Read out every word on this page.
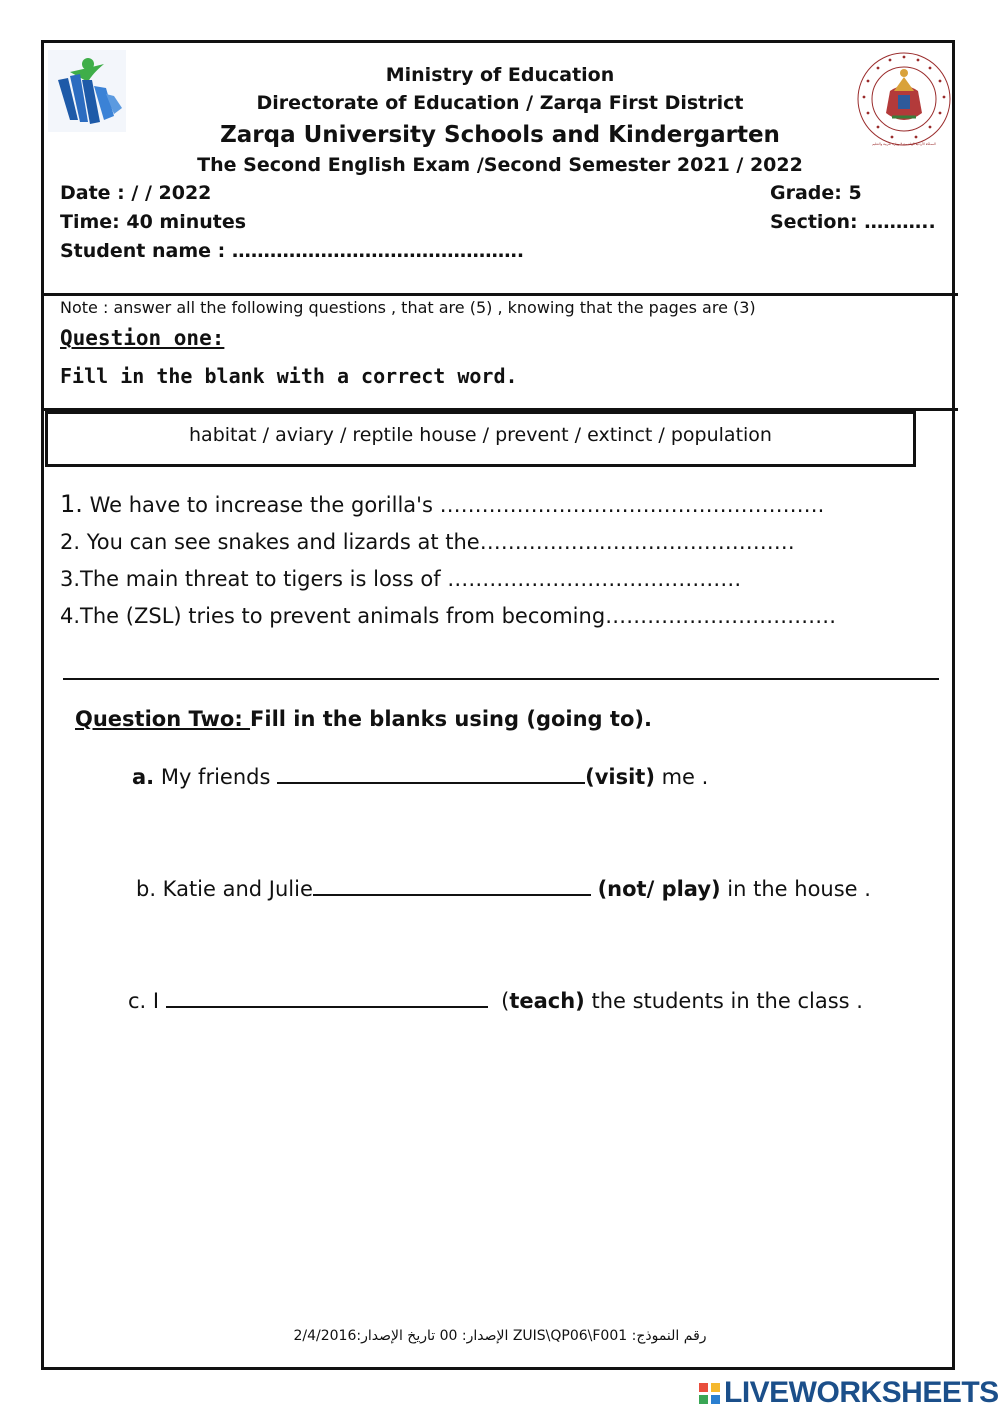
المملكة الأردنية الهاشمية * وزارة التربية والتعليم
Ministry of Education
Directorate of Education / Zarqa First District
Zarqa University Schools and Kindergarten
The Second English Exam /Second Semester 2021 / 2022
Date : / / 2022
Time: 40 minutes
Student name : ……………………………………….
Grade: 5
Section: ………..
Note : answer all the following questions , that are (5) , knowing that the pages are (3)
Question one:
Fill in the blank with a correct word.
habitat / aviary / reptile house / prevent / extinct / population
1. We have to increase the gorilla's ……………………………………………….
2. You can see snakes and lizards at the………………………………………
3.The main threat to tigers is loss of ……………………………………
4.The (ZSL) tries to prevent animals from becoming……………………………
Question Two: Fill in the blanks using (going to).
a. My friends	(visit) me .
b. Katie and Julie	(not/ play) in the house .
c. I	(teach) the students in the class .
رقم النموذج: ZUIS\QP06\F001 الإصدار: 00 تاريخ الإصدار:2/4/2016
LIVEWORKSHEETS
